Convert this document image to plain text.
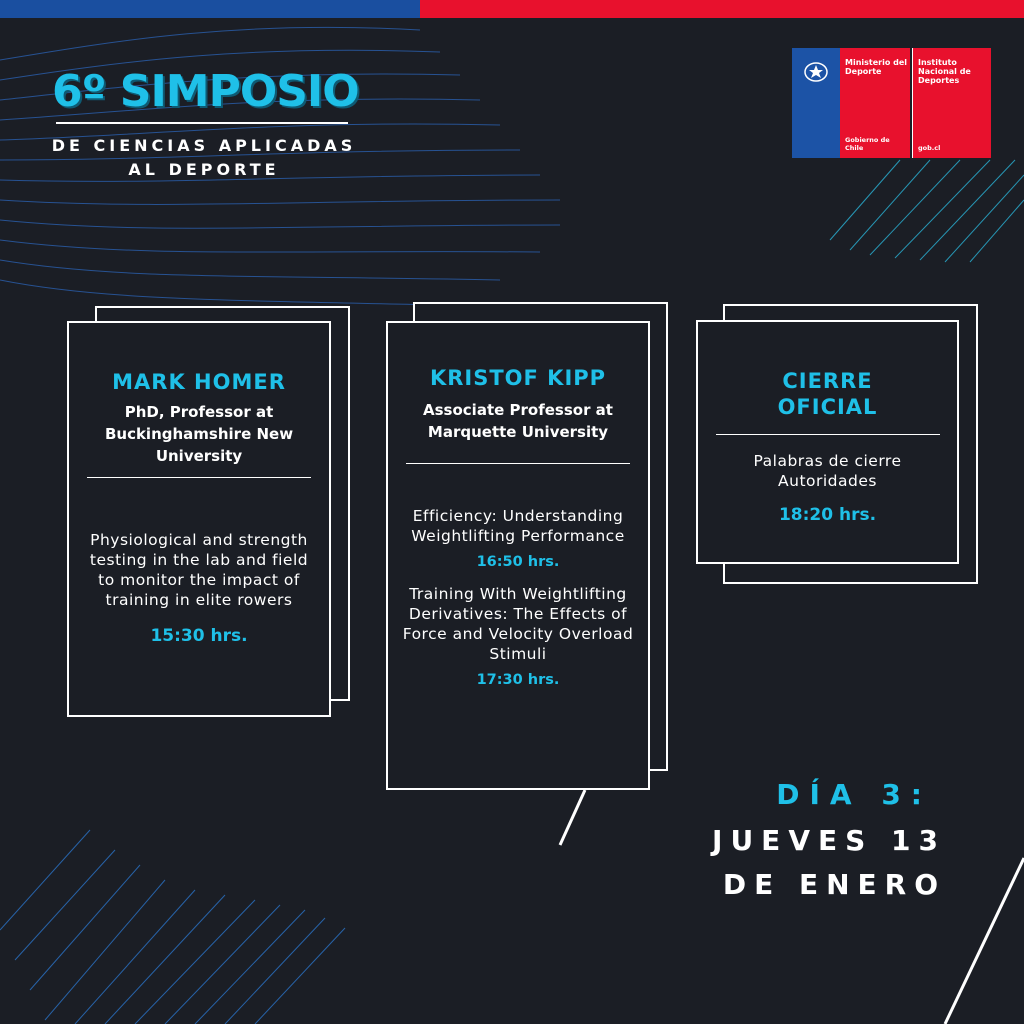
6º SIMPOSIO
DE CIENCIAS APLICADAS
AL DEPORTE
Ministerio del Deporte
Gobierno de Chile
Instituto Nacional de Deportes
gob.cl
MARK HOMER
PhD, Professor at Buckinghamshire New University
Physiological and strength testing in the lab and field to monitor the impact of training in elite rowers
15:30 hrs.
KRISTOF KIPP
Associate Professor at Marquette University
Efficiency: Understanding Weightlifting Performance
16:50 hrs.
Training With Weightlifting Derivatives: The Effects of Force and Velocity Overload Stimuli
17:30 hrs.
CIERRE OFICIAL
Palabras de cierre Autoridades
18:20 hrs.
DÍA 3:
JUEVES 13
DE ENERO
